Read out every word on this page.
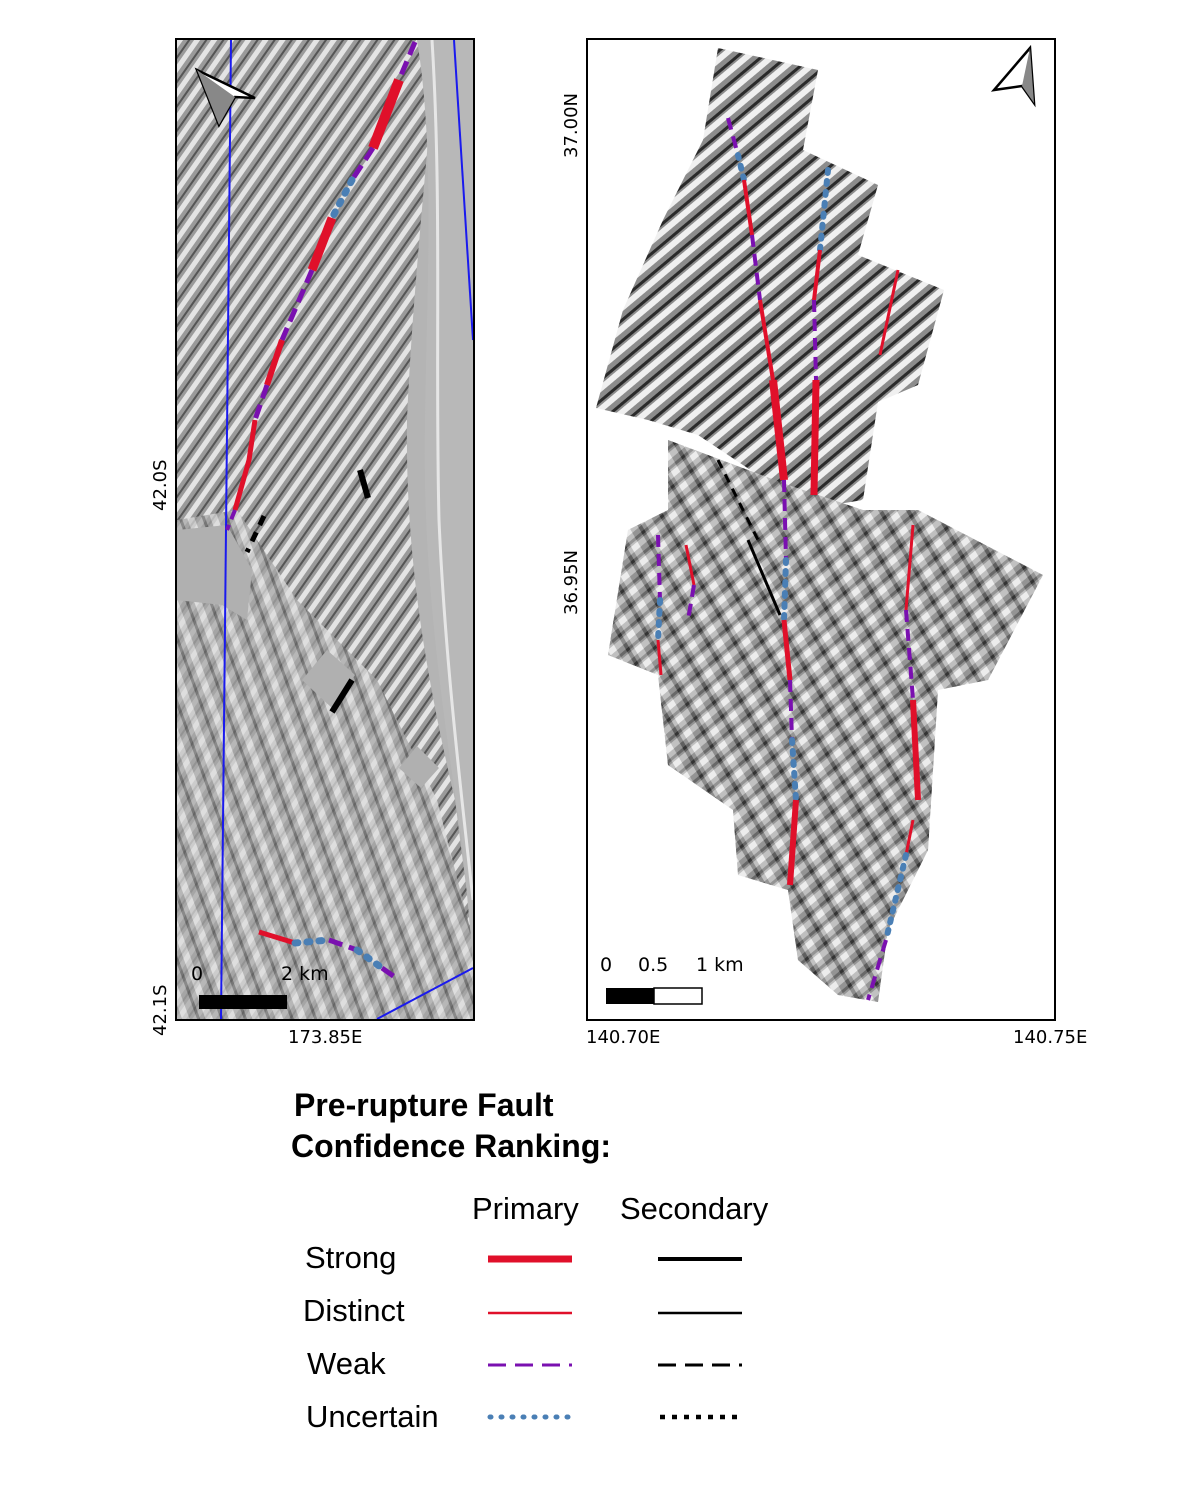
0	2 km
173.85E
42.0S
42.1S
0 0.5 1 km
140.70E	140.75E
37.00N
36.95N
Pre-rupture Fault
Confidence Ranking:
Primary Secondary
Strong
Distinct
Weak
Uncertain
